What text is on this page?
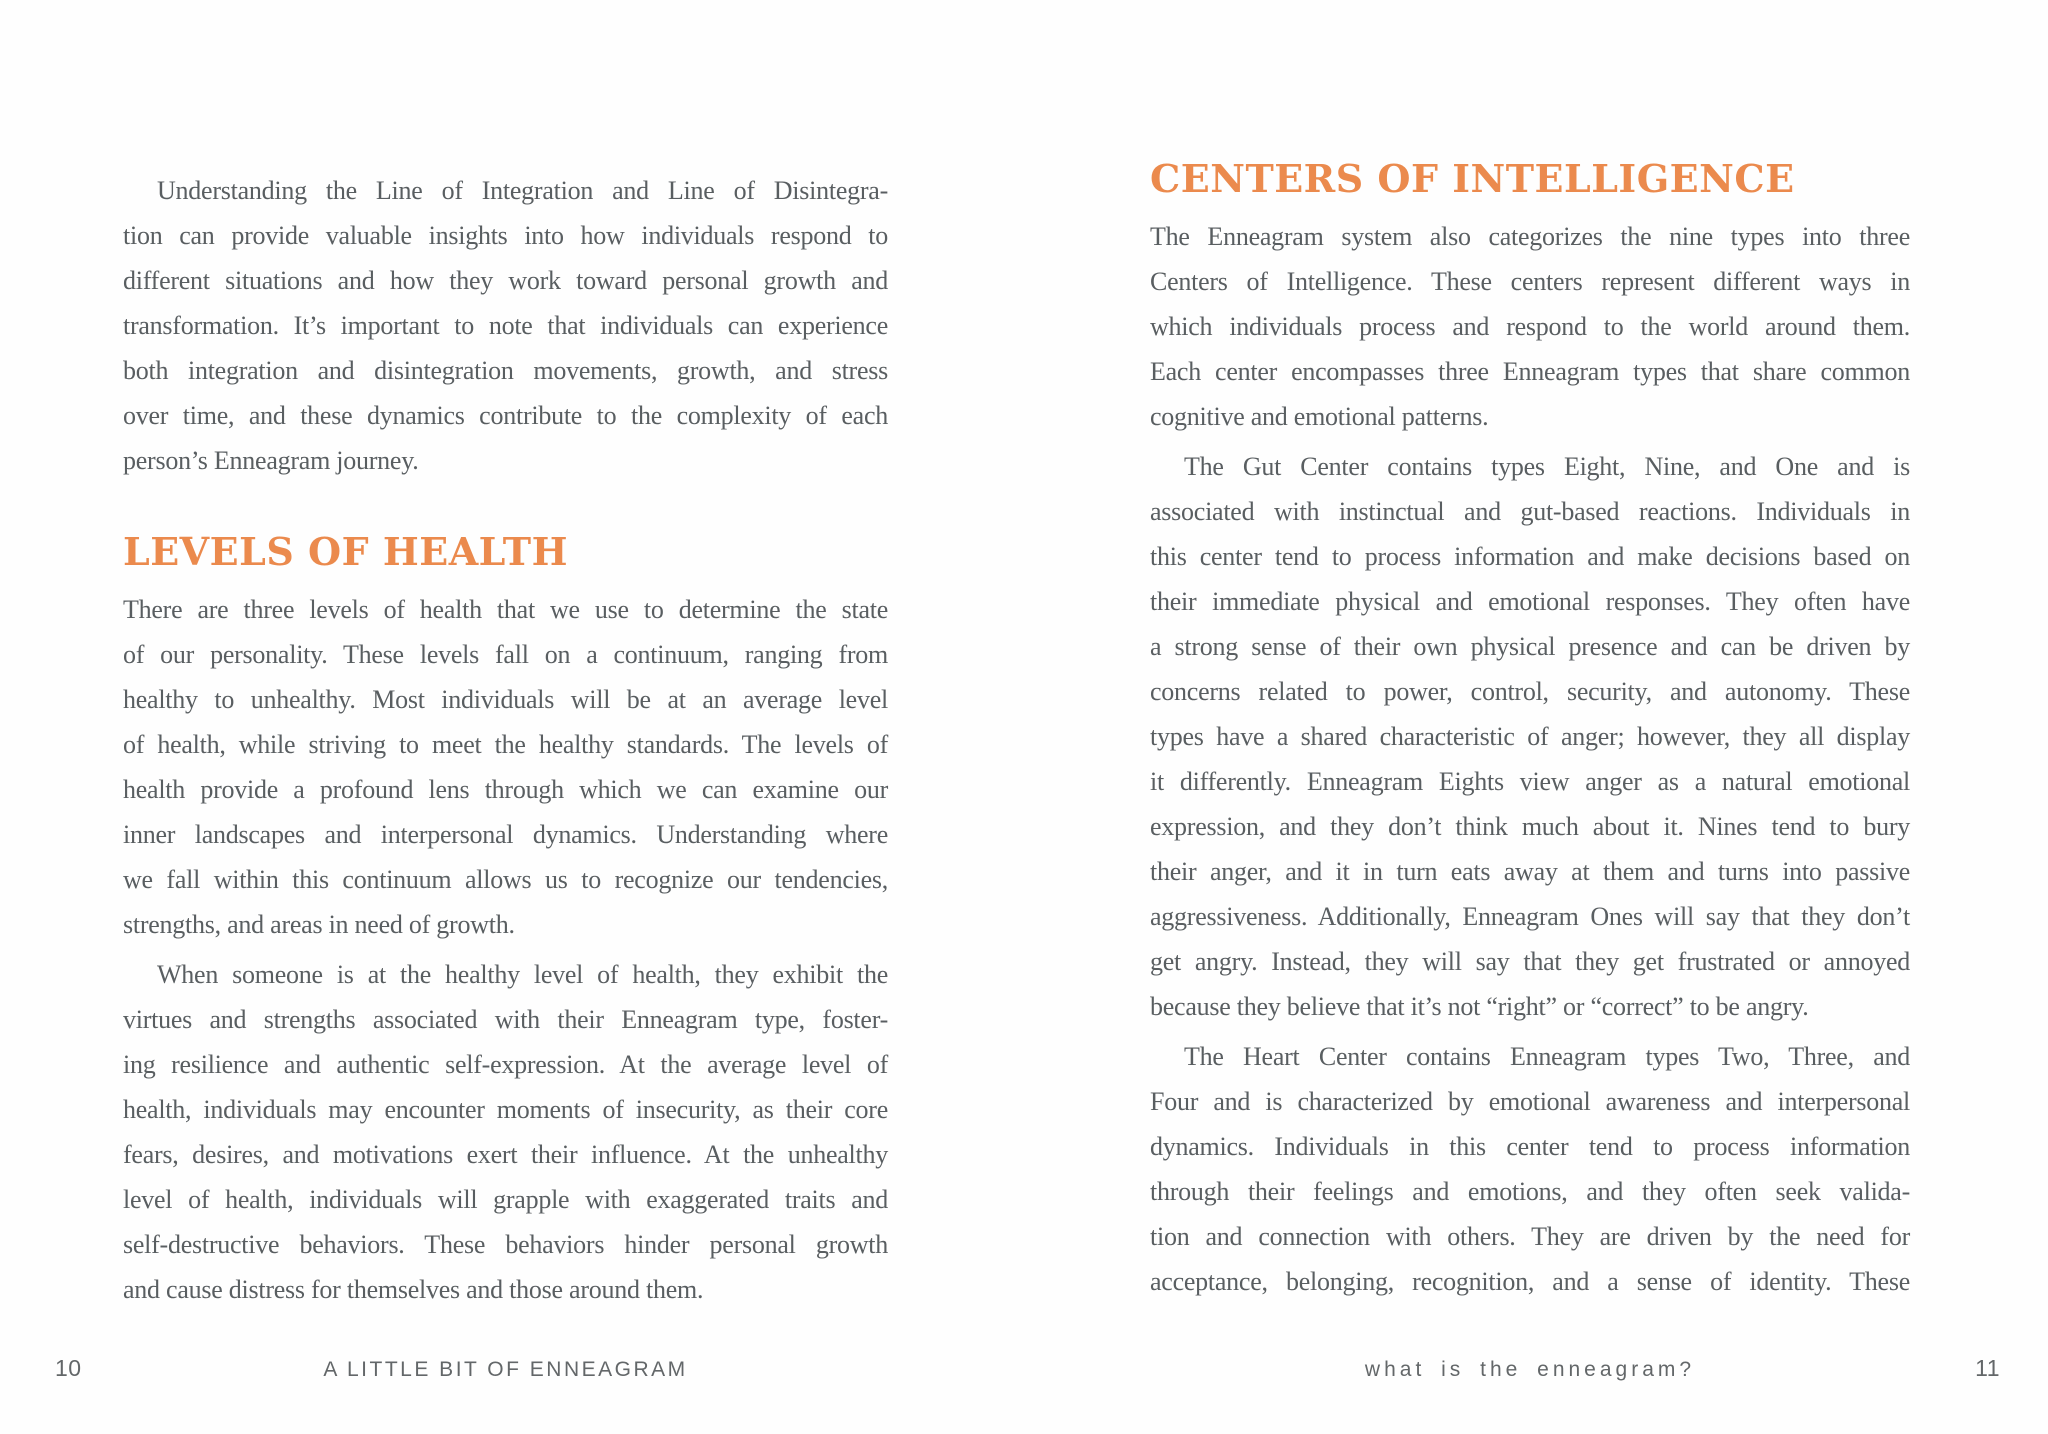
Understanding the Line of Integration and Line of Disintegra-
tion can provide valuable insights into how individuals respond to
different situations and how they work toward personal growth and
transformation. It’s important to note that individuals can experience
both integration and disintegration movements, growth, and stress
over time, and these dynamics contribute to the complexity of each
person’s Enneagram journey.
LEVELS OF HEALTH
There are three levels of health that we use to determine the state
of our personality. These levels fall on a continuum, ranging from
healthy to unhealthy. Most individuals will be at an average level
of health, while striving to meet the healthy standards. The levels of
health provide a profound lens through which we can examine our
inner landscapes and interpersonal dynamics. Understanding where
we fall within this continuum allows us to recognize our tendencies,
strengths, and areas in need of growth.
When someone is at the healthy level of health, they exhibit the
virtues and strengths associated with their Enneagram type, foster-
ing resilience and authentic self-expression. At the average level of
health, individuals may encounter moments of insecurity, as their core
fears, desires, and motivations exert their influence. At the unhealthy
level of health, individuals will grapple with exaggerated traits and
self-destructive behaviors. These behaviors hinder personal growth
and cause distress for themselves and those around them.
CENTERS OF INTELLIGENCE
The Enneagram system also categorizes the nine types into three
Centers of Intelligence. These centers represent different ways in
which individuals process and respond to the world around them.
Each center encompasses three Enneagram types that share common
cognitive and emotional patterns.
The Gut Center contains types Eight, Nine, and One and is
associated with instinctual and gut-based reactions. Individuals in
this center tend to process information and make decisions based on
their immediate physical and emotional responses. They often have
a strong sense of their own physical presence and can be driven by
concerns related to power, control, security, and autonomy. These
types have a shared characteristic of anger; however, they all display
it differently. Enneagram Eights view anger as a natural emotional
expression, and they don’t think much about it. Nines tend to bury
their anger, and it in turn eats away at them and turns into passive
aggressiveness. Additionally, Enneagram Ones will say that they don’t
get angry. Instead, they will say that they get frustrated or annoyed
because they believe that it’s not “right” or “correct” to be angry.
The Heart Center contains Enneagram types Two, Three, and
Four and is characterized by emotional awareness and interpersonal
dynamics. Individuals in this center tend to process information
through their feelings and emotions, and they often seek valida-
tion and connection with others. They are driven by the need for
acceptance, belonging, recognition, and a sense of identity. These
10	A LITTLE BIT OF ENNEAGRAM	what is the enneagram?	11
